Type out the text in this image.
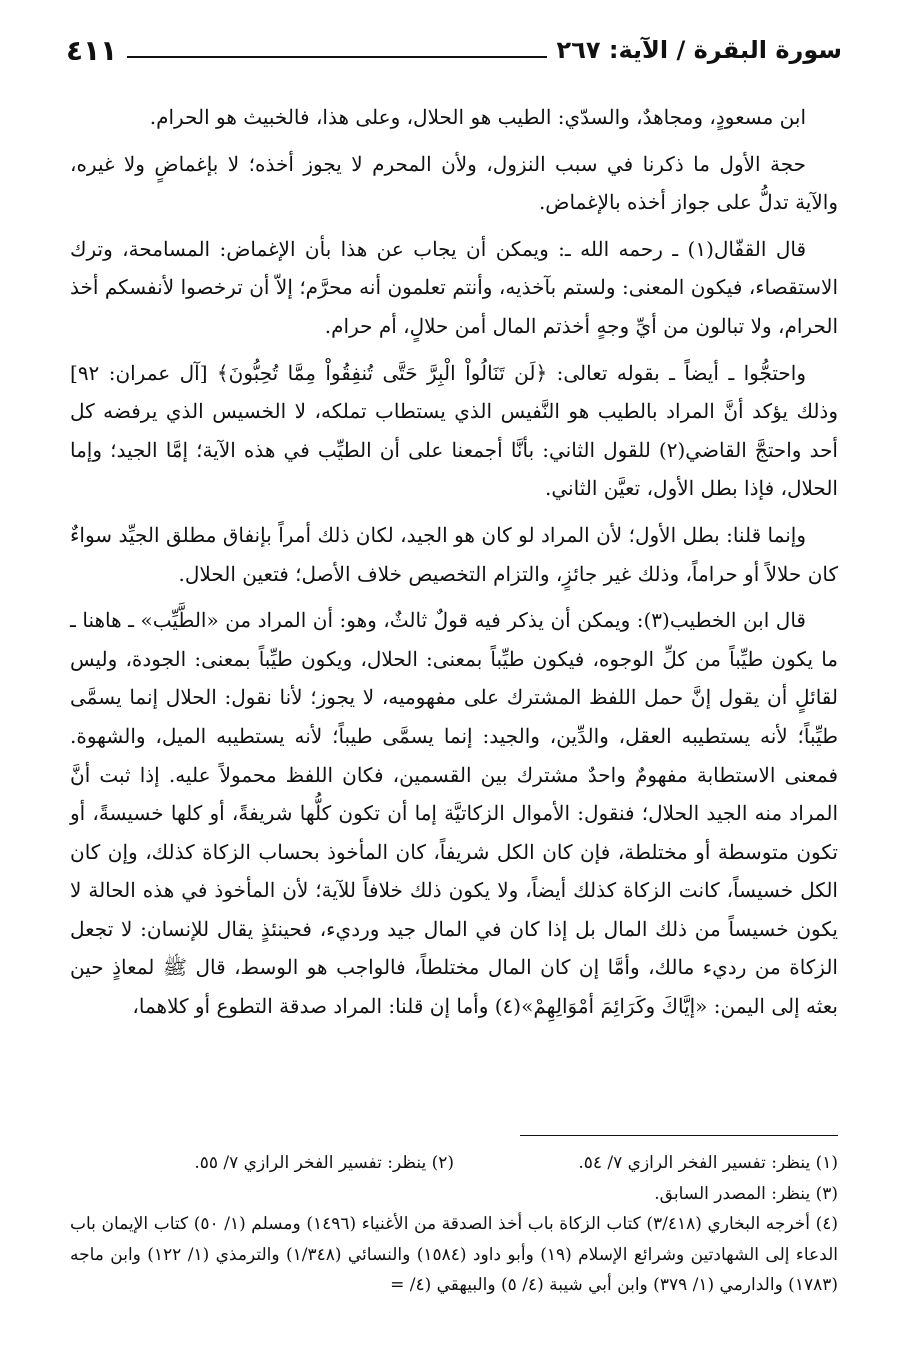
سورة البقرة / الآية: ٢٦٧
٤١١

ابن مسعودٍ، ومجاهدٌ، والسدّي: الطيب هو الحلال، وعلى هذا، فالخبيث هو الحرام.

حجة الأول ما ذكرنا في سبب النزول، ولأن المحرم لا يجوز أخذه؛ لا بإغماضٍ ولا غيره، والآية تدلُّ على جواز أخذه بالإغماض.

قال القفّال(١) ـ رحمه الله ـ: ويمكن أن يجاب عن هذا بأن الإغماض: المسامحة، وترك الاستقصاء، فيكون المعنى: ولستم بآخذيه، وأنتم تعلمون أنه محرَّم؛ إلاّ أن ترخصوا لأنفسكم أخذ الحرام، ولا تبالون من أيِّ وجهٍ أخذتم المال أمن حلالٍ، أم حرام.

واحتجُّوا ـ أيضاً ـ بقوله تعالى: ﴿لَن تَنَالُواْ الْبِرَّ حَتَّى تُنفِقُواْ مِمَّا تُحِبُّونَ﴾ [آل عمران: ٩٢] وذلك يؤكد أنَّ المراد بالطيب هو النَّفيس الذي يستطاب تملكه، لا الخسيس الذي يرفضه كل أحد واحتجَّ القاضي(٢) للقول الثاني: بأنَّا أجمعنا على أن الطيِّب في هذه الآية؛ إمَّا الجيد؛ وإما الحلال، فإذا بطل الأول، تعيَّن الثاني.

وإنما قلنا: بطل الأول؛ لأن المراد لو كان هو الجيد، لكان ذلك أمراً بإنفاق مطلق الجيِّد سواءٌ كان حلالاً أو حراماً، وذلك غير جائزٍ، والتزام التخصيص خلاف الأصل؛ فتعين الحلال.

قال ابن الخطيب(٣): ويمكن أن يذكر فيه قولٌ ثالثٌ، وهو: أن المراد من «الطَّيِّب» ـ هاهنا ـ ما يكون طيِّباً من كلِّ الوجوه، فيكون طيِّباً بمعنى: الحلال، ويكون طيِّباً بمعنى: الجودة، وليس لقائلٍ أن يقول إنَّ حمل اللفظ المشترك على مفهوميه، لا يجوز؛ لأنا نقول: الحلال إنما يسمَّى طيِّباً؛ لأنه يستطيبه العقل، والدِّين، والجيد: إنما يسمَّى طيباً؛ لأنه يستطيبه الميل، والشهوة. فمعنى الاستطابة مفهومٌ واحدٌ مشترك بين القسمين، فكان اللفظ محمولاً عليه. إذا ثبت أنَّ المراد منه الجيد الحلال؛ فنقول: الأموال الزكاتيَّة إما أن تكون كلُّها شريفةً، أو كلها خسيسةً، أو تكون متوسطة أو مختلطة، فإن كان الكل شريفاً، كان المأخوذ بحساب الزكاة كذلك، وإن كان الكل خسيساً، كانت الزكاة كذلك أيضاً، ولا يكون ذلك خلافاً للآية؛ لأن المأخوذ في هذه الحالة لا يكون خسيساً من ذلك المال بل إذا كان في المال جيد ورديء، فحينئذٍ يقال للإنسان: لا تجعل الزكاة من رديء مالك، وأمَّا إن كان المال مختلطاً، فالواجب هو الوسط، قال ﷺ لمعاذٍ حين بعثه إلى اليمن: «إيَّاكَ وكَرَائِمَ أمْوَالِهِمْ»(٤) وأما إن قلنا: المراد صدقة التطوع أو كلاهما،

(١) ينظر: تفسير الفخر الرازي ٧/ ٥٤.
(٢) ينظر: تفسير الفخر الرازي ٧/ ٥٥.

(٣) ينظر: المصدر السابق.

(٤) أخرجه البخاري (٣/٤١٨) كتاب الزكاة باب أخذ الصدقة من الأغنياء (١٤٩٦) ومسلم (١/ ٥٠) كتاب الإيمان باب الدعاء إلى الشهادتين وشرائع الإسلام (١٩) وأبو داود (١٥٨٤) والنسائي (١/٣٤٨) والترمذي (١/ ١٢٢) وابن ماجه (١٧٨٣) والدارمي (١/ ٣٧٩) وابن أبي شيبة (٤/ ٥) والبيهقي (٤/ =
